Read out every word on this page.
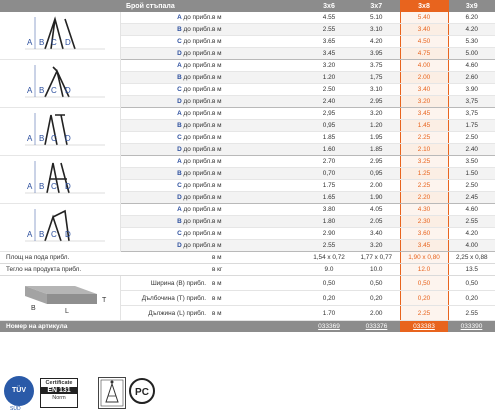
	Брой стъпала			3x6	3x7	3x8	3x9	

A B C D	A до прибл.	в м		4.55	5.10	5.40	6.20	
	B до прибл.	в м		2.55	3.10	3.40	4.20	
	C до прибл.	в м		3.65	4.20	4.50	5.30	
	D до прибл.	в м		3.45	3.95	4.75	5.00	

A B C D	A до прибл.	в м		3.20	3.75	4.00	4.60	
	B до прибл.	в м		1.20	1,75	2.00	2.60	
	C до прибл.	в м		2.50	3.10	3.40	3.90	
	D до прибл.	в м		2.40	2.95	3.20	3,75	

A B C D	A до прибл.	в м		2,95	3.20	3.45	3,75	
	B до прибл.	в м		0,95	1.20	1.45	1.75	
	C до прибл.	в м		1.85	1.95	2.25	2.50	
	D до прибл.	в м		1.60	1.85	2.10	2.40	

A B C D	A до прибл.	в м		2.70	2.95	3.25	3.50	
	B до прибл.	в м		0,70	0,95	1.25	1.50	
	C до прибл.	в м		1.75	2.00	2.25	2.50	
	D до прибл.	в м		1.65	1.90	2.20	2.45	

A B C D	A до прибл.	в м		3.80	4.05	4.30	4.60	
	B до прибл.	в м		1.80	2.05	2.30	2.55	
	C до прибл.	в м		2.90	3.40	3.60	4.20	
	D до прибл.	в м		2.55	3.20	3.45	4.00	
Площ на пода прибл.		в м		1,54 x 0,72	1,77 x 0,77	1,90 x 0,80	2,25 x 0,88	
Тегло на продукта прибл.		в кг		9.0	10.0	12.0	13.5	

L
B
T	Ширина (B) прибл.	в м		0,50	0,50	0,50	0,50	
	Дълбочина (T) прибл.	в м		0,20	0,20	0,20	0,20	
	Дължина (L) прибл.	в м		1.70	2.00	2.25	2.55	
Номер на артикула				033369	033376	033383	033390	
TÜV
SÜD
Certificate
EN 131
Norm	PC
